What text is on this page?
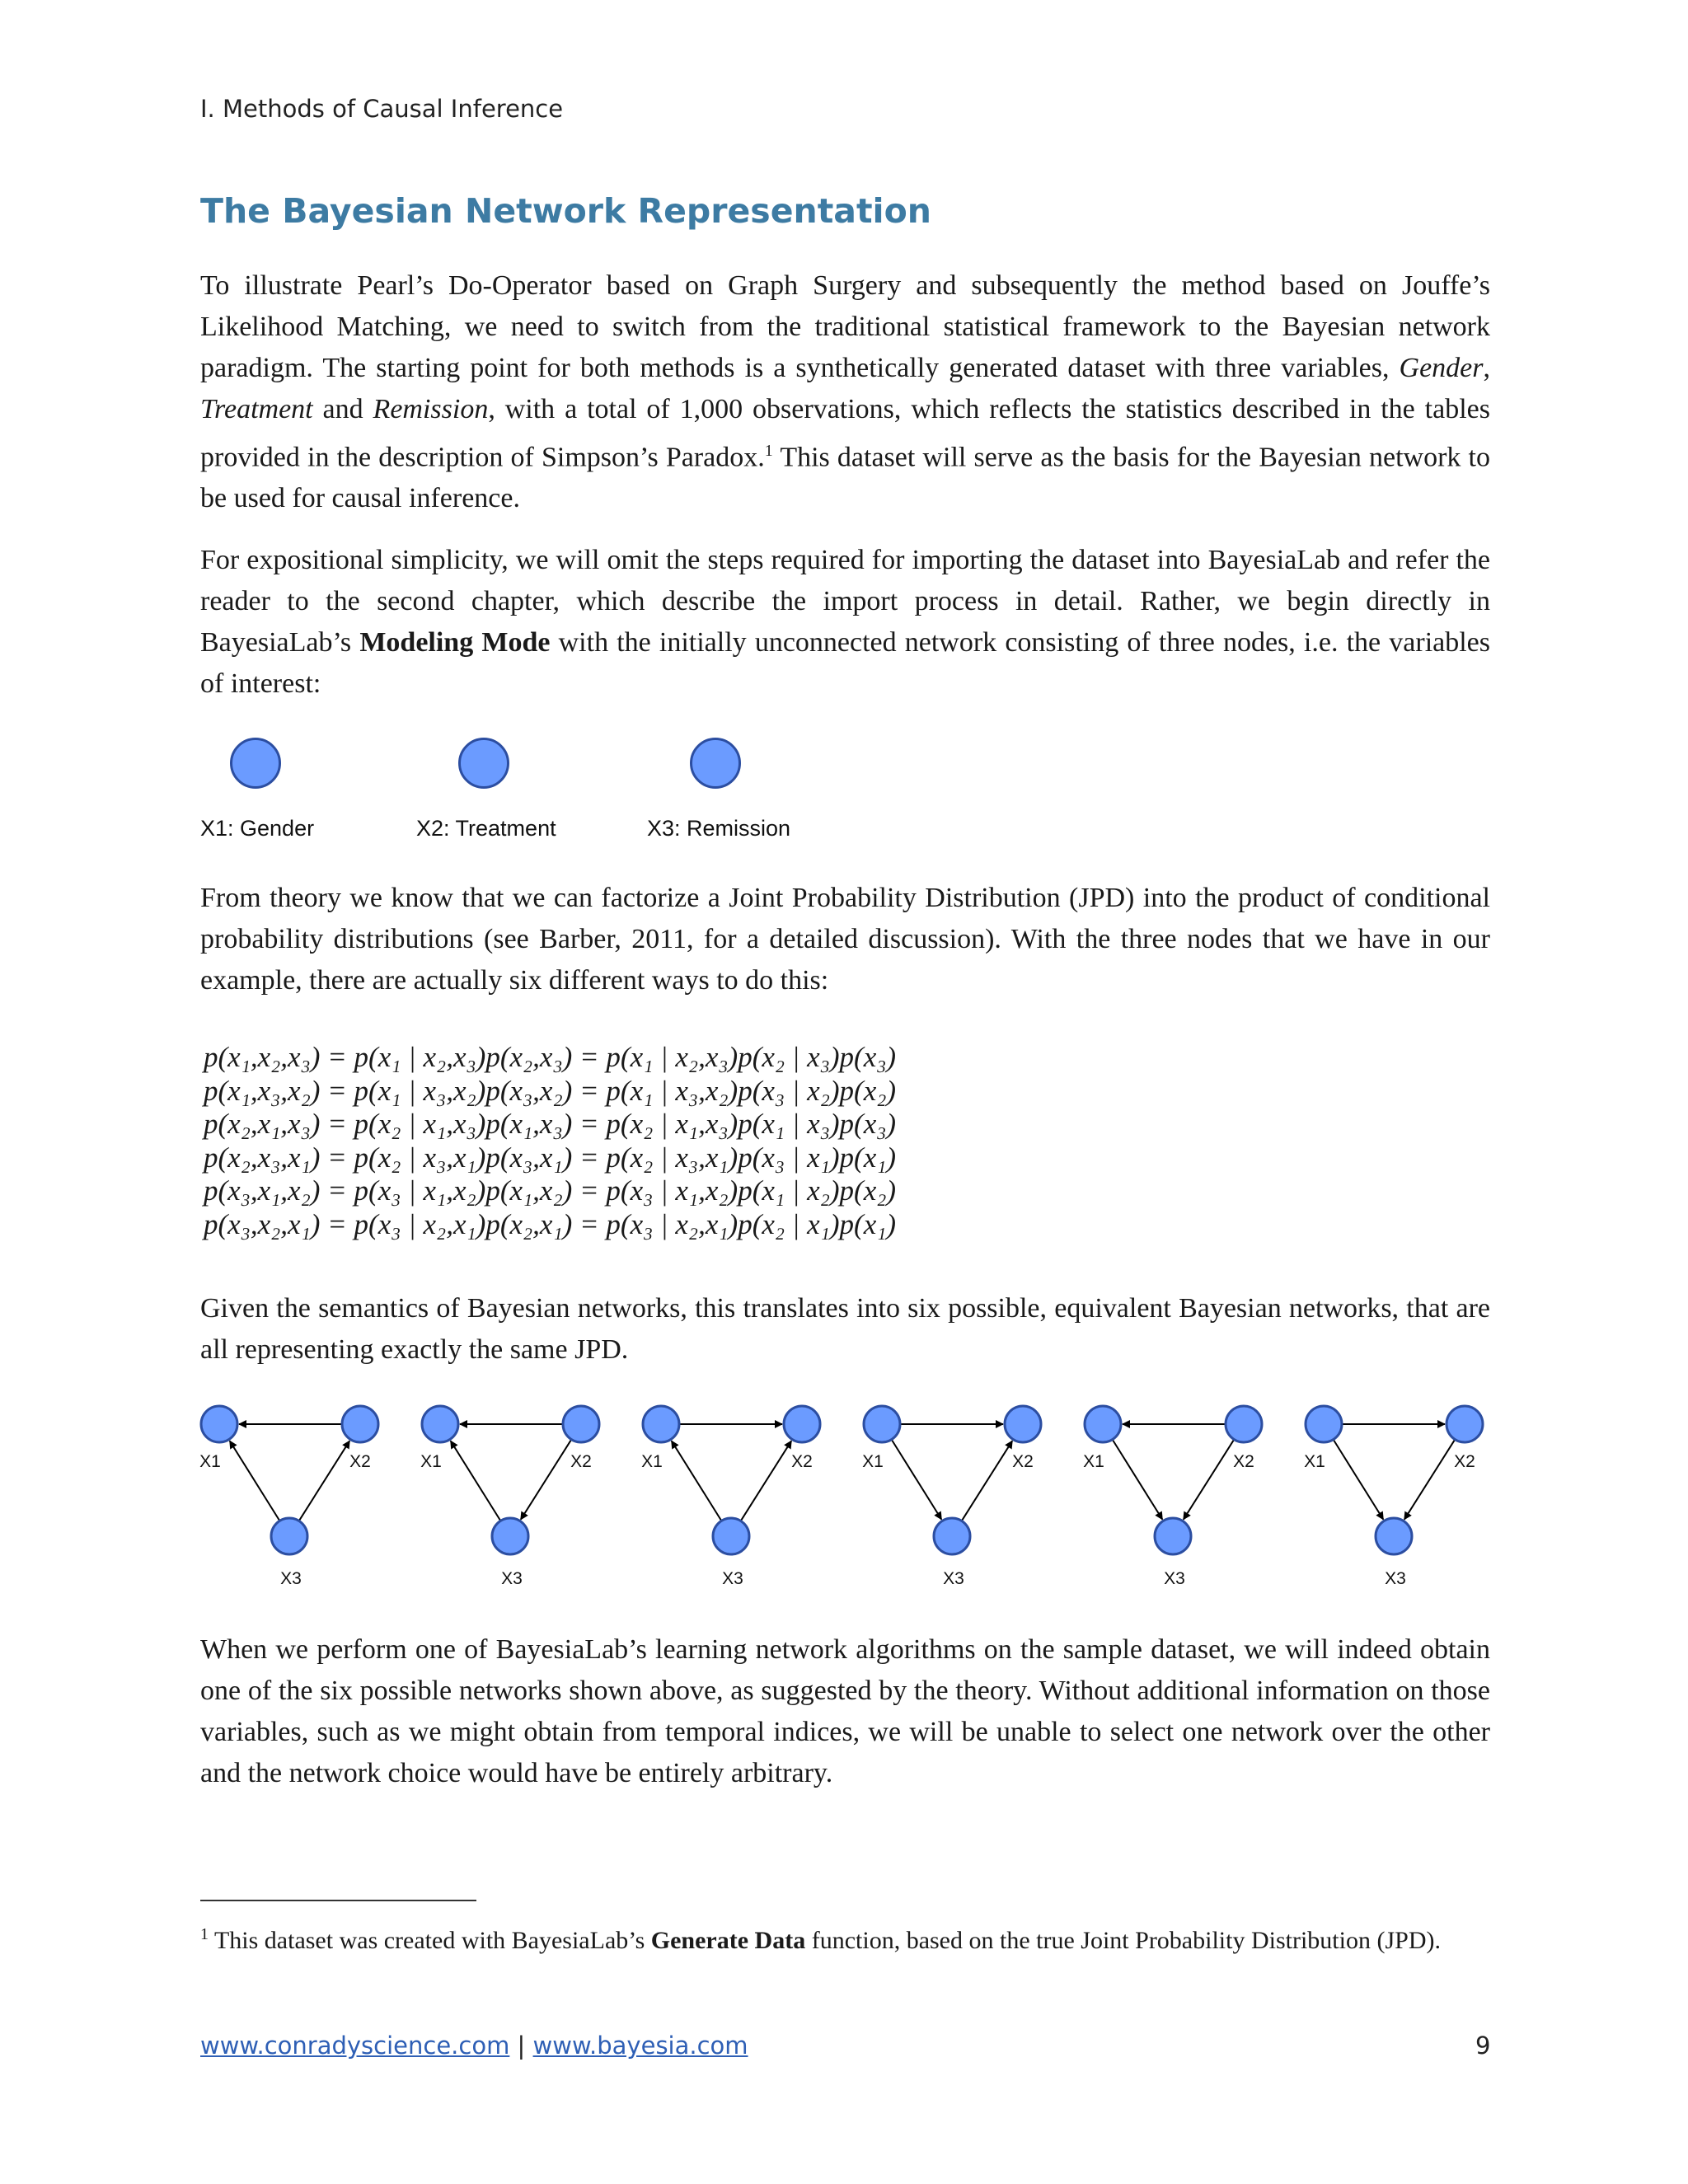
I. Methods of Causal Inference
The Bayesian Network Representation

To illustrate Pearl’s Do-Operator based on Graph Surgery and subsequently the method based on Jouffe’s Likelihood Matching, we need to switch from the traditional statistical framework to the Bayesian network paradigm. The starting point for both methods is a synthetically generated dataset with three variables, Gender, Treatment and Remission, with a total of 1,000 observations, which reflects the statistics described in the tables provided in the description of Simpson’s Paradox.$^1$ This dataset will serve as the basis for the Bayesian network to be used for causal inference.

For expositional simplicity, we will omit the steps required for importing the dataset into BayesiaLab and refer the reader to the second chapter, which describe the import process in detail. Rather, we begin directly in BayesiaLab’s Modeling Mode with the initially unconnected network consisting of three nodes, i.e. the variables of interest:

X1: Gender	X2: Treatment	X3: Remission

From theory we know that we can factorize a Joint Probability Distribution (JPD) into the product of conditional probability distributions (see Barber, 2011, for a detailed discussion). With the three nodes that we have in our example, there are actually six different ways to do this:

p(x₁,x₂,x₃) = p(x₁ | x₂,x₃)p(x₂,x₃) = p(x₁ | x₂,x₃)p(x₂ | x₃)p(x₃)
p(x₁,x₃,x₂) = p(x₁ | x₃,x₂)p(x₃,x₂) = p(x₁ | x₃,x₂)p(x₃ | x₂)p(x₂)
p(x₂,x₁,x₃) = p(x₂ | x₁,x₃)p(x₁,x₃) = p(x₂ | x₁,x₃)p(x₁ | x₃)p(x₃)
p(x₂,x₃,x₁) = p(x₂ | x₃,x₁)p(x₃,x₁) = p(x₂ | x₃,x₁)p(x₃ | x₁)p(x₁)
p(x₃,x₁,x₂) = p(x₃ | x₁,x₂)p(x₁,x₂) = p(x₃ | x₁,x₂)p(x₁ | x₂)p(x₂)
p(x₃,x₂,x₁) = p(x₃ | x₂,x₁)p(x₂,x₁) = p(x₃ | x₂,x₁)p(x₂ | x₁)p(x₁)

Given the semantics of Bayesian networks, this translates into six possible, equivalent Bayesian networks, that are all representing exactly the same JPD.

X1	X2
X3
X1	X2
X3
X1	X2
X3
X1	X2
X3
X1	X2
X3
X1	X2
X3

When we perform one of BayesiaLab’s learning network algorithms on the sample dataset, we will indeed obtain one of the six possible networks shown above, as suggested by the theory. Without additional information on those variables, such as we might obtain from temporal indices, we will be unable to select one network over the other and the network choice would have be entirely arbitrary.

$^1$ This dataset was created with BayesiaLab’s Generate Data function, based on the true Joint Probability Distribution (JPD).

www.conradyscience.com | www.bayesia.com	9
